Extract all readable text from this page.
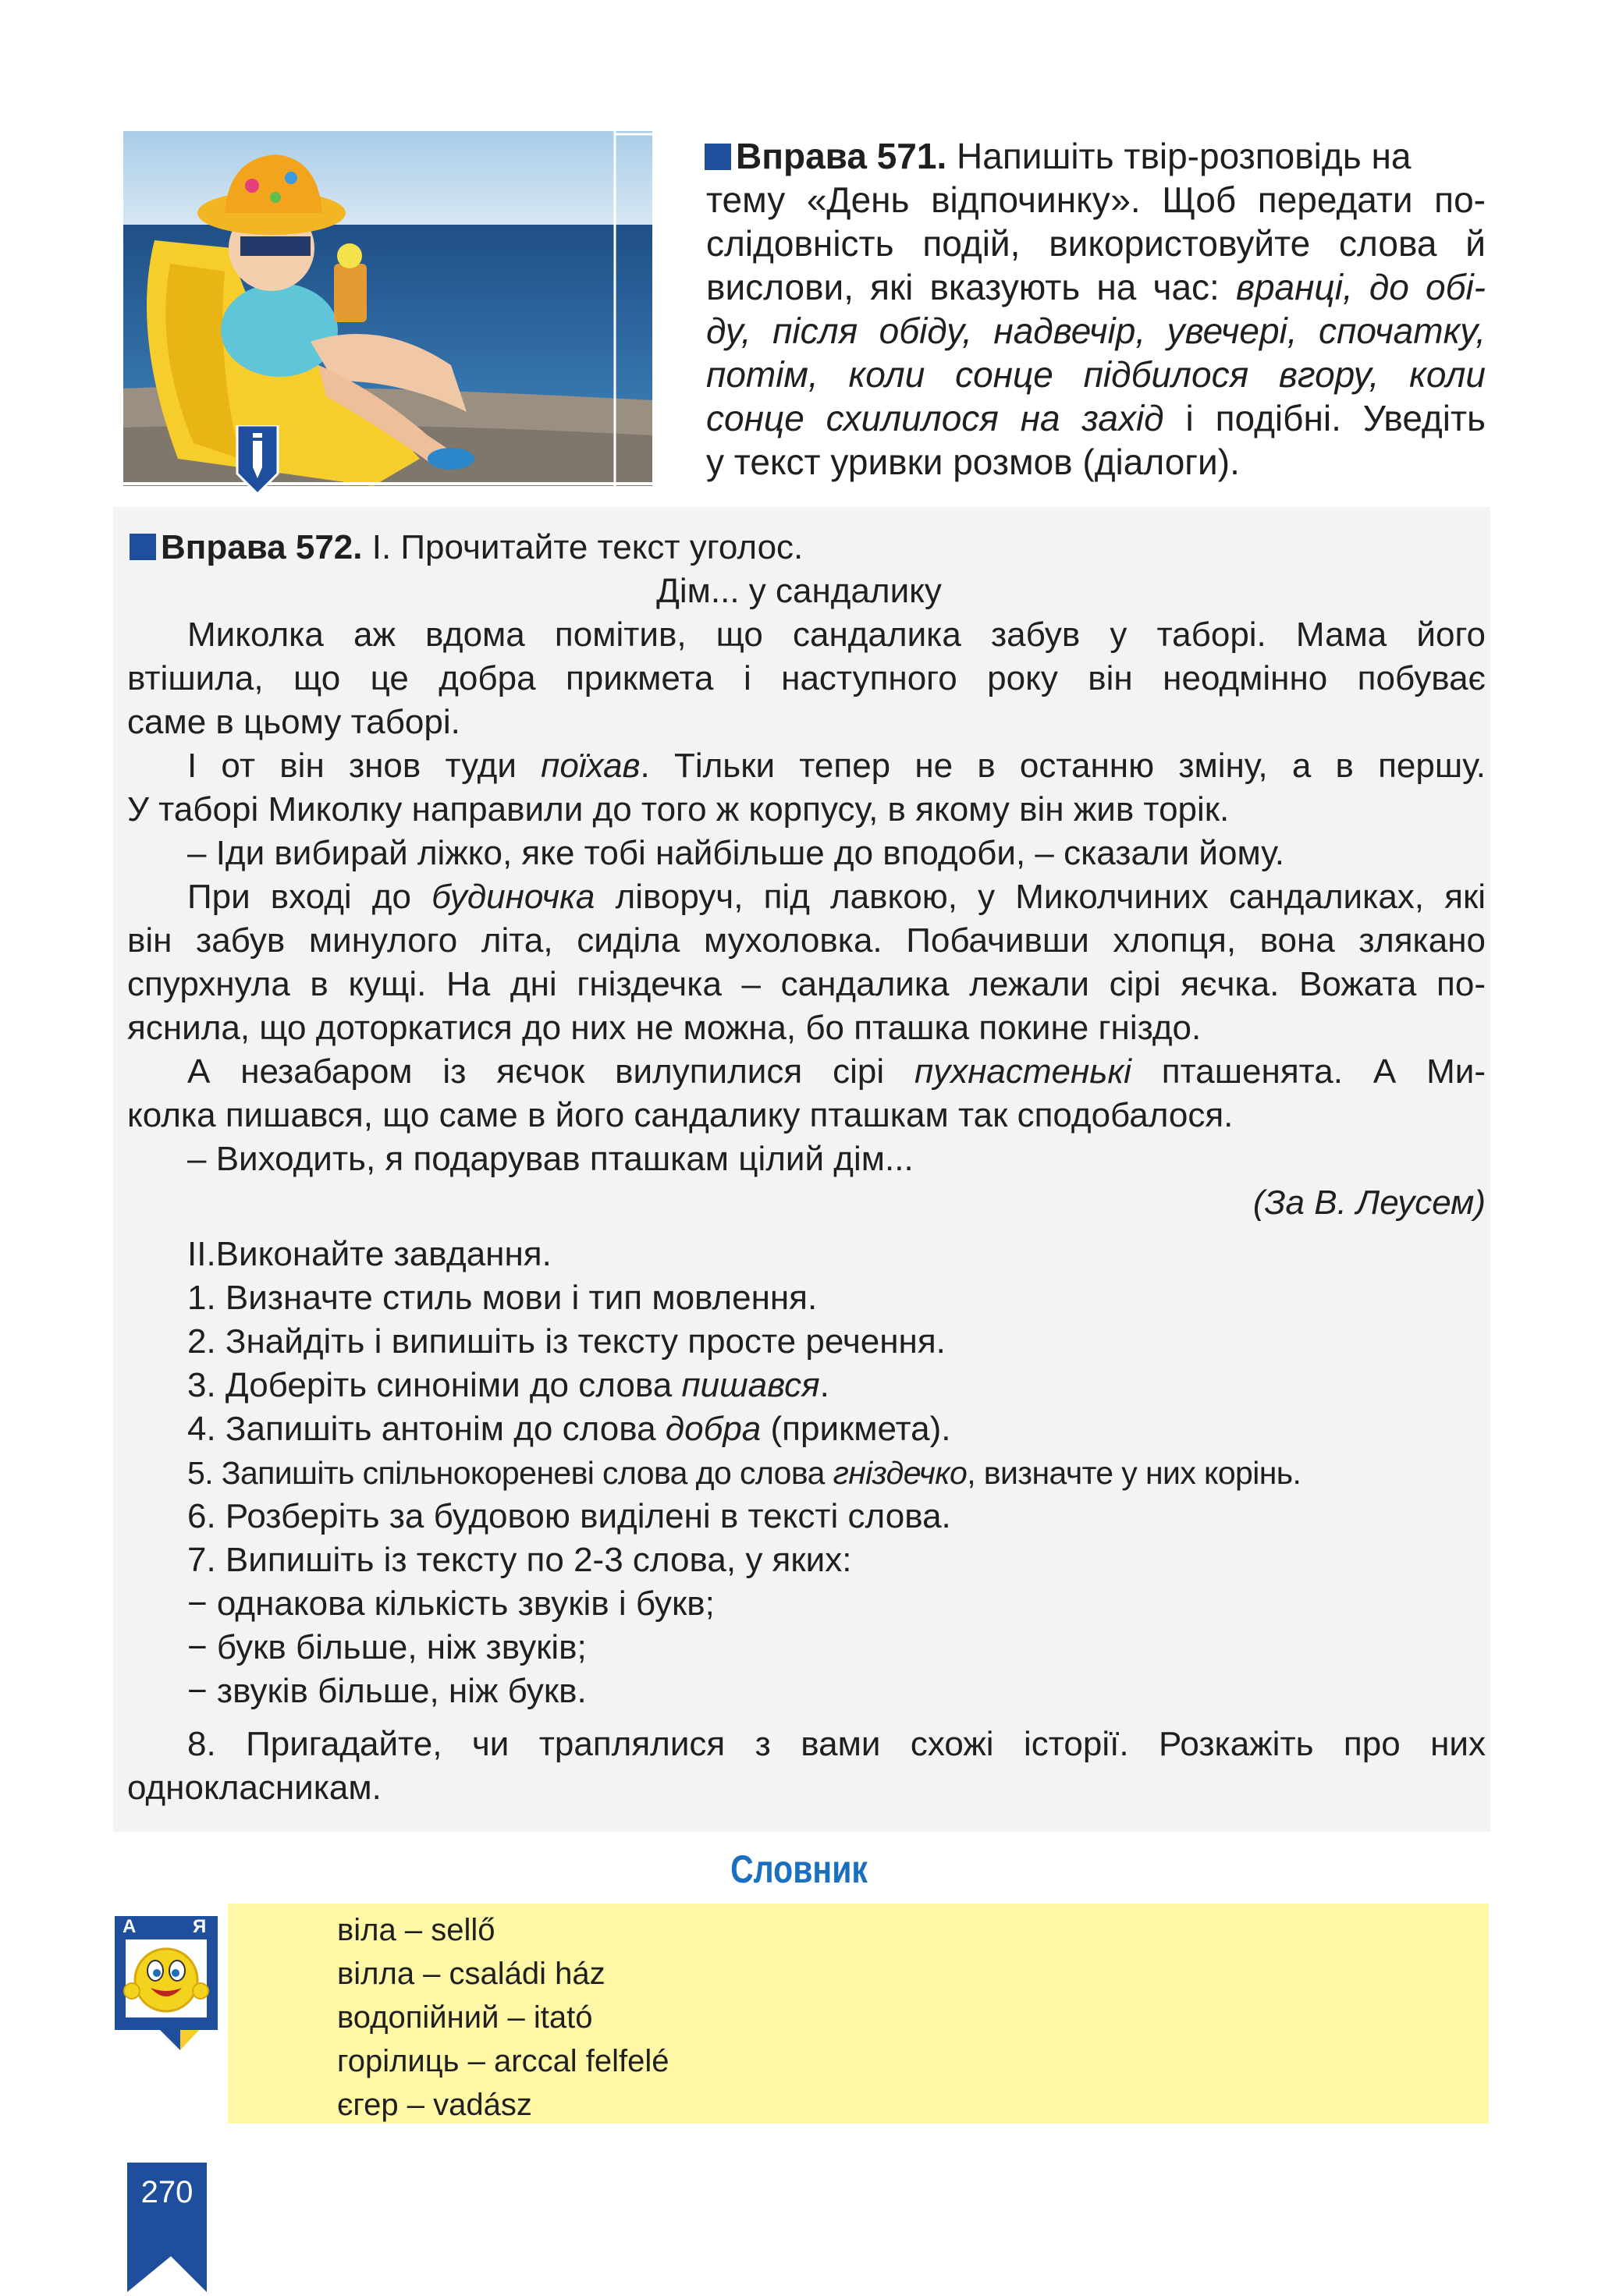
Вправа 571. Напишіть твір-розповідь на
тему «День відпочинку». Щоб передати по-
слідовність подій, використовуйте слова й
вислови, які вказують на час: вранці, до обі-
ду, після обіду, надвечір, увечері, спочатку,
потім, коли сонце підбилося вгору, коли
сонце схилилося на захід і подібні. Уведіть
у текст уривки розмов (діалоги).
Вправа 572. І. Прочитайте текст уголос.
Дім... у сандалику
Миколка аж вдома помітив, що сандалика забув у таборі. Мама його
втішила, що це добра прикмета і наступного року він неодмінно побуває
саме в цьому таборі.
І от він знов туди поїхав. Тільки тепер не в останню зміну, а в першу.
У таборі Миколку направили до того ж корпусу, в якому він жив торік.
– Іди вибирай ліжко, яке тобі найбільше до вподоби, – сказали йому.
При вході до будиночка ліворуч, під лавкою, у Миколчиних сандаликах, які
він забув минулого літа, сиділа мухоловка. Побачивши хлопця, вона злякано
спурхнула в кущі. На дні гніздечка – сандалика лежали сірі яєчка. Вожата по-
яснила, що доторкатися до них не можна, бо пташка покине гніздо.
А незабаром із яєчок вилупилися сірі пухнастенькі пташенята. А Ми-
колка пишався, що саме в його сандалику пташкам так сподобалося.
– Виходить, я подарував пташкам цілий дім...
(За В. Леусем)
ІІ.Виконайте завдання.
1. Визначте стиль мови і тип мовлення.
2. Знайдіть і випишіть із тексту просте речення.
3. Доберіть синоніми до слова пишався.
4. Запишіть антонім до слова добра (прикмета).
5. Запишіть спільнокореневі слова до слова гніздечко, визначте у них корінь.
6. Розберіть за будовою виділені в тексті слова.
7. Випишіть із тексту по 2-3 слова, у яких:
− однакова кількість звуків і букв;
− букв більше, ніж звуків;
− звуків більше, ніж букв.
8. Пригадайте, чи траплялися з вами схожі історії. Розкажіть про них
однокласникам.
Словник
віла – sellő
вілла – családi ház
водопійний – itató
горілиць – arccal felfelé
єгер – vadász
А	Я
270
